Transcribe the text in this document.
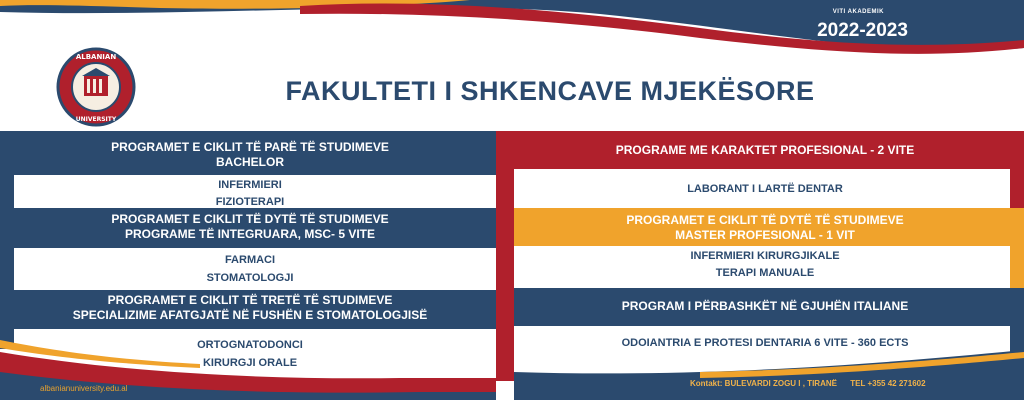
ALBANIAN
UNIVERSITY
VITI AKADEMIK
2022-2023
FAKULTETI I SHKENCAVE MJEKËSORE
PROGRAMET E CIKLIT TË PARË TË STUDIMEVE
BACHELOR
INFERMIERI
FIZIOTERAPI
PROGRAMET E CIKLIT TË DYTË TË STUDIMEVE
PROGRAME TË INTEGRUARA, MSC- 5 VITE
FARMACI
STOMATOLOGJI
PROGRAMET E CIKLIT TË TRETË TË STUDIMEVE
SPECIALIZIME AFATGJATË NË FUSHËN E STOMATOLOGJISË
ORTOGNATODONCI
KIRURGJI ORALE
PROGRAME ME KARAKTET PROFESIONAL - 2 VITE
LABORANT I LARTË DENTAR
PROGRAMET E CIKLIT TË DYTË TË STUDIMEVE
MASTER PROFESIONAL - 1 VIT
INFERMIERI KIRURGJIKALE
TERAPI MANUALE
PROGRAM I PËRBASHKËT NË GJUHËN ITALIANE
ODOIANTRIA E PROTESI DENTARIA 6 VITE - 360 ECTS
albanianuniversity.edu.al
Kontakt: BULEVARDI ZOGU I , TIRANË      TEL +355 42 271602
